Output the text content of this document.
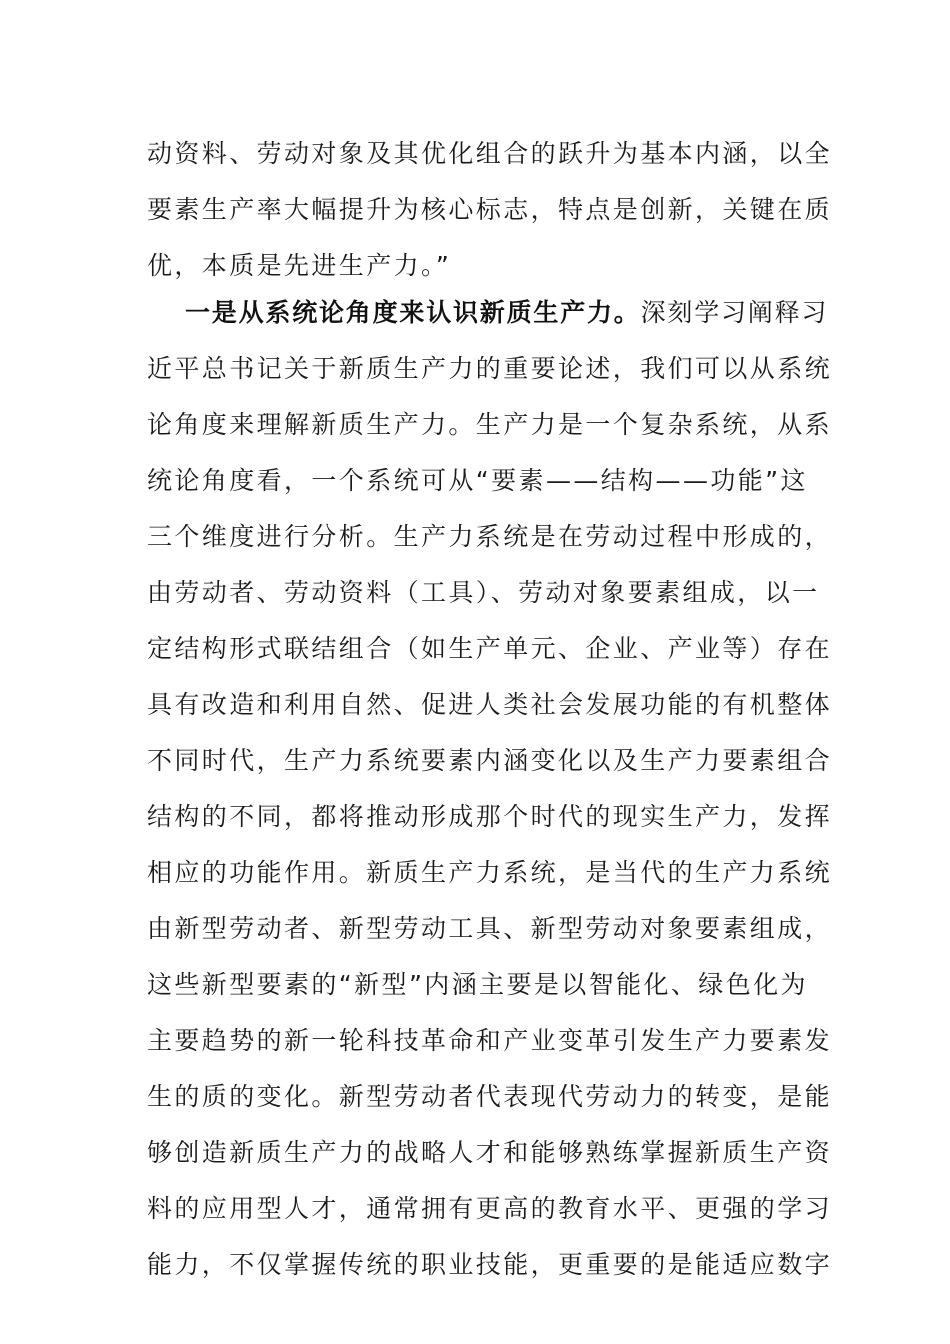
动资料、劳动对象及其优化组合的跃升为基本内涵，以全
要素生产率大幅提升为核心标志，特点是创新，关键在质
优，本质是先进生产力。”
一是从系统论角度来认识新质生产力。深刻学习阐释习
近平总书记关于新质生产力的重要论述，我们可以从系统
论角度来理解新质生产力。生产力是一个复杂系统，从系
统论角度看，一个系统可从“要素——结构——功能”这
三个维度进行分析。生产力系统是在劳动过程中形成的，
由劳动者、劳动资料（工具）、劳动对象要素组成，以一
定结构形式联结组合（如生产单元、企业、产业等）存在
具有改造和利用自然、促进人类社会发展功能的有机整体
不同时代，生产力系统要素内涵变化以及生产力要素组合
结构的不同，都将推动形成那个时代的现实生产力，发挥
相应的功能作用。新质生产力系统，是当代的生产力系统
由新型劳动者、新型劳动工具、新型劳动对象要素组成，
这些新型要素的“新型”内涵主要是以智能化、绿色化为
主要趋势的新一轮科技革命和产业变革引发生产力要素发
生的质的变化。新型劳动者代表现代劳动力的转变，是能
够创造新质生产力的战略人才和能够熟练掌握新质生产资
料的应用型人才，通常拥有更高的教育水平、更强的学习
能力，不仅掌握传统的职业技能，更重要的是能适应数字
